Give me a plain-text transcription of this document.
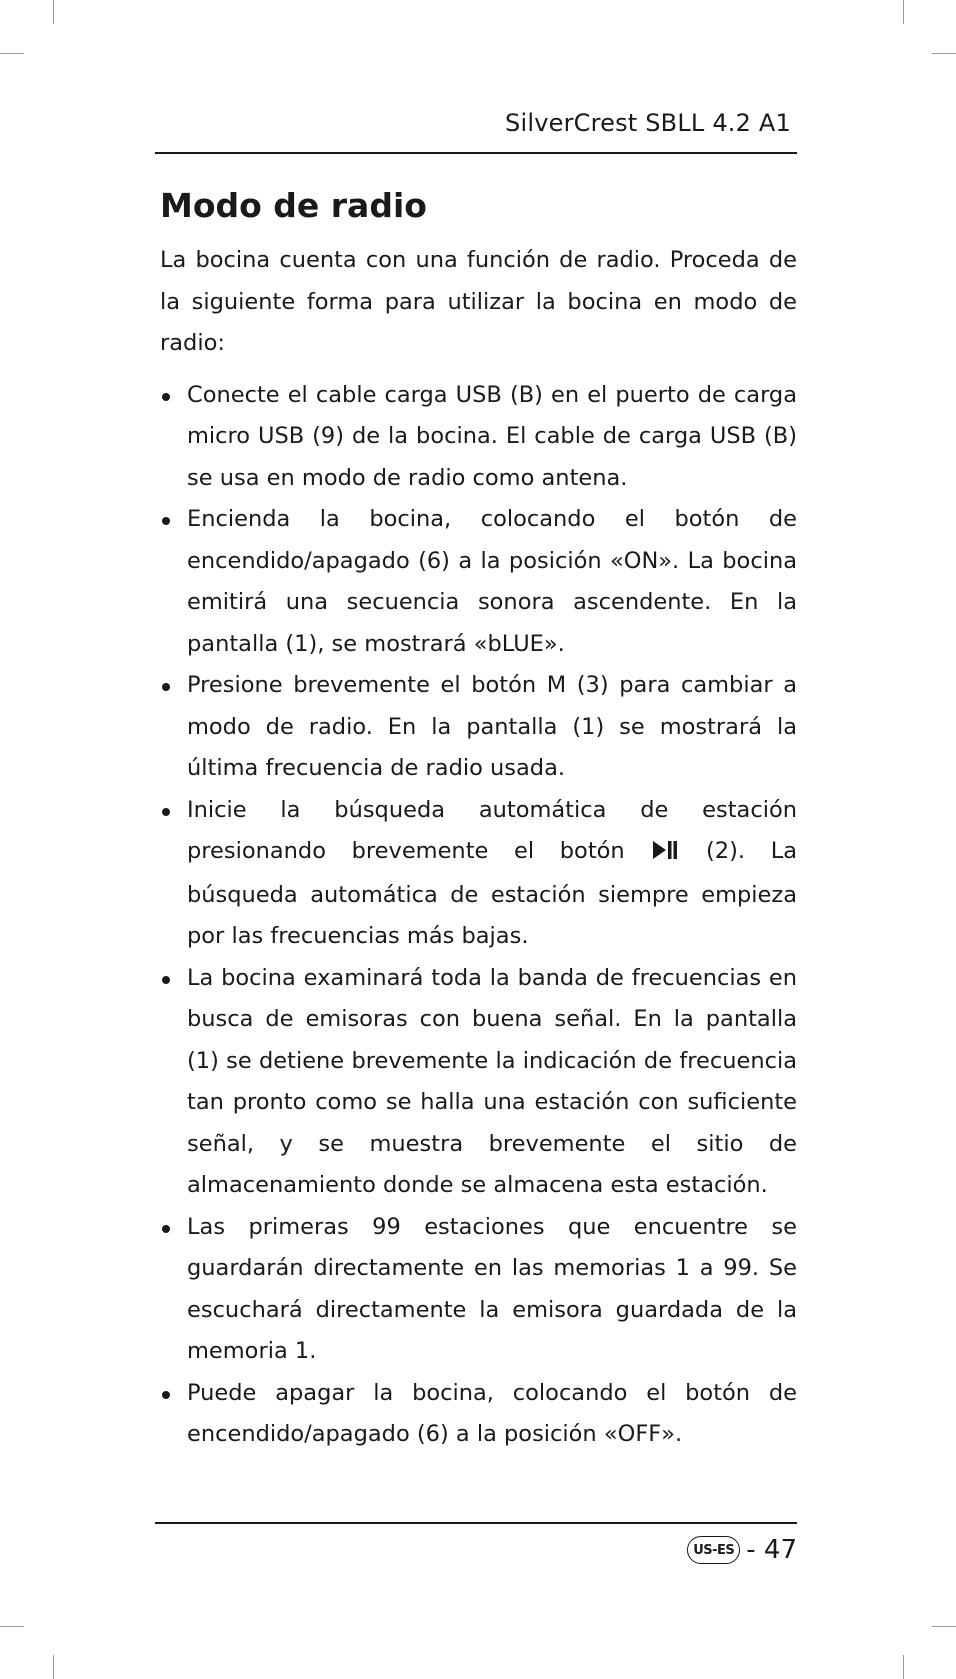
SilverCrest SBLL 4.2 A1
Modo de radio

La bocina cuenta con una función de radio. Proceda de la siguiente forma para utilizar la bocina en modo de radio:

Conecte el cable carga USB (B) en el puerto de carga micro USB (9) de la bocina. El cable de carga USB (B) se usa en modo de radio como antena.
Encienda la bocina, colocando el botón de encendido/apagado (6) a la posición «ON». La bocina emitirá una secuencia sonora ascendente. En la pantalla (1), se mostrará «bLUE».
Presione brevemente el botón M (3) para cambiar a modo de radio. En la pantalla (1) se mostrará la última frecuencia de radio usada.
Inicie la búsqueda automática de estación presionando brevemente el botón	(2). La búsqueda automática de estación siempre empieza por las frecuencias más bajas.
La bocina examinará toda la banda de frecuencias en busca de emisoras con buena señal. En la pantalla (1) se detiene brevemente la indicación de frecuencia tan pronto como se halla una estación con suficiente señal, y se muestra brevemente el sitio de almacenamiento donde se almacena esta estación.
Las primeras 99 estaciones que encuentre se guardarán directamente en las memorias 1 a 99. Se escuchará directamente la emisora guardada de la memoria 1.
Puede apagar la bocina, colocando el botón de encendido/apagado (6) a la posición «OFF».
US-ES - 47
